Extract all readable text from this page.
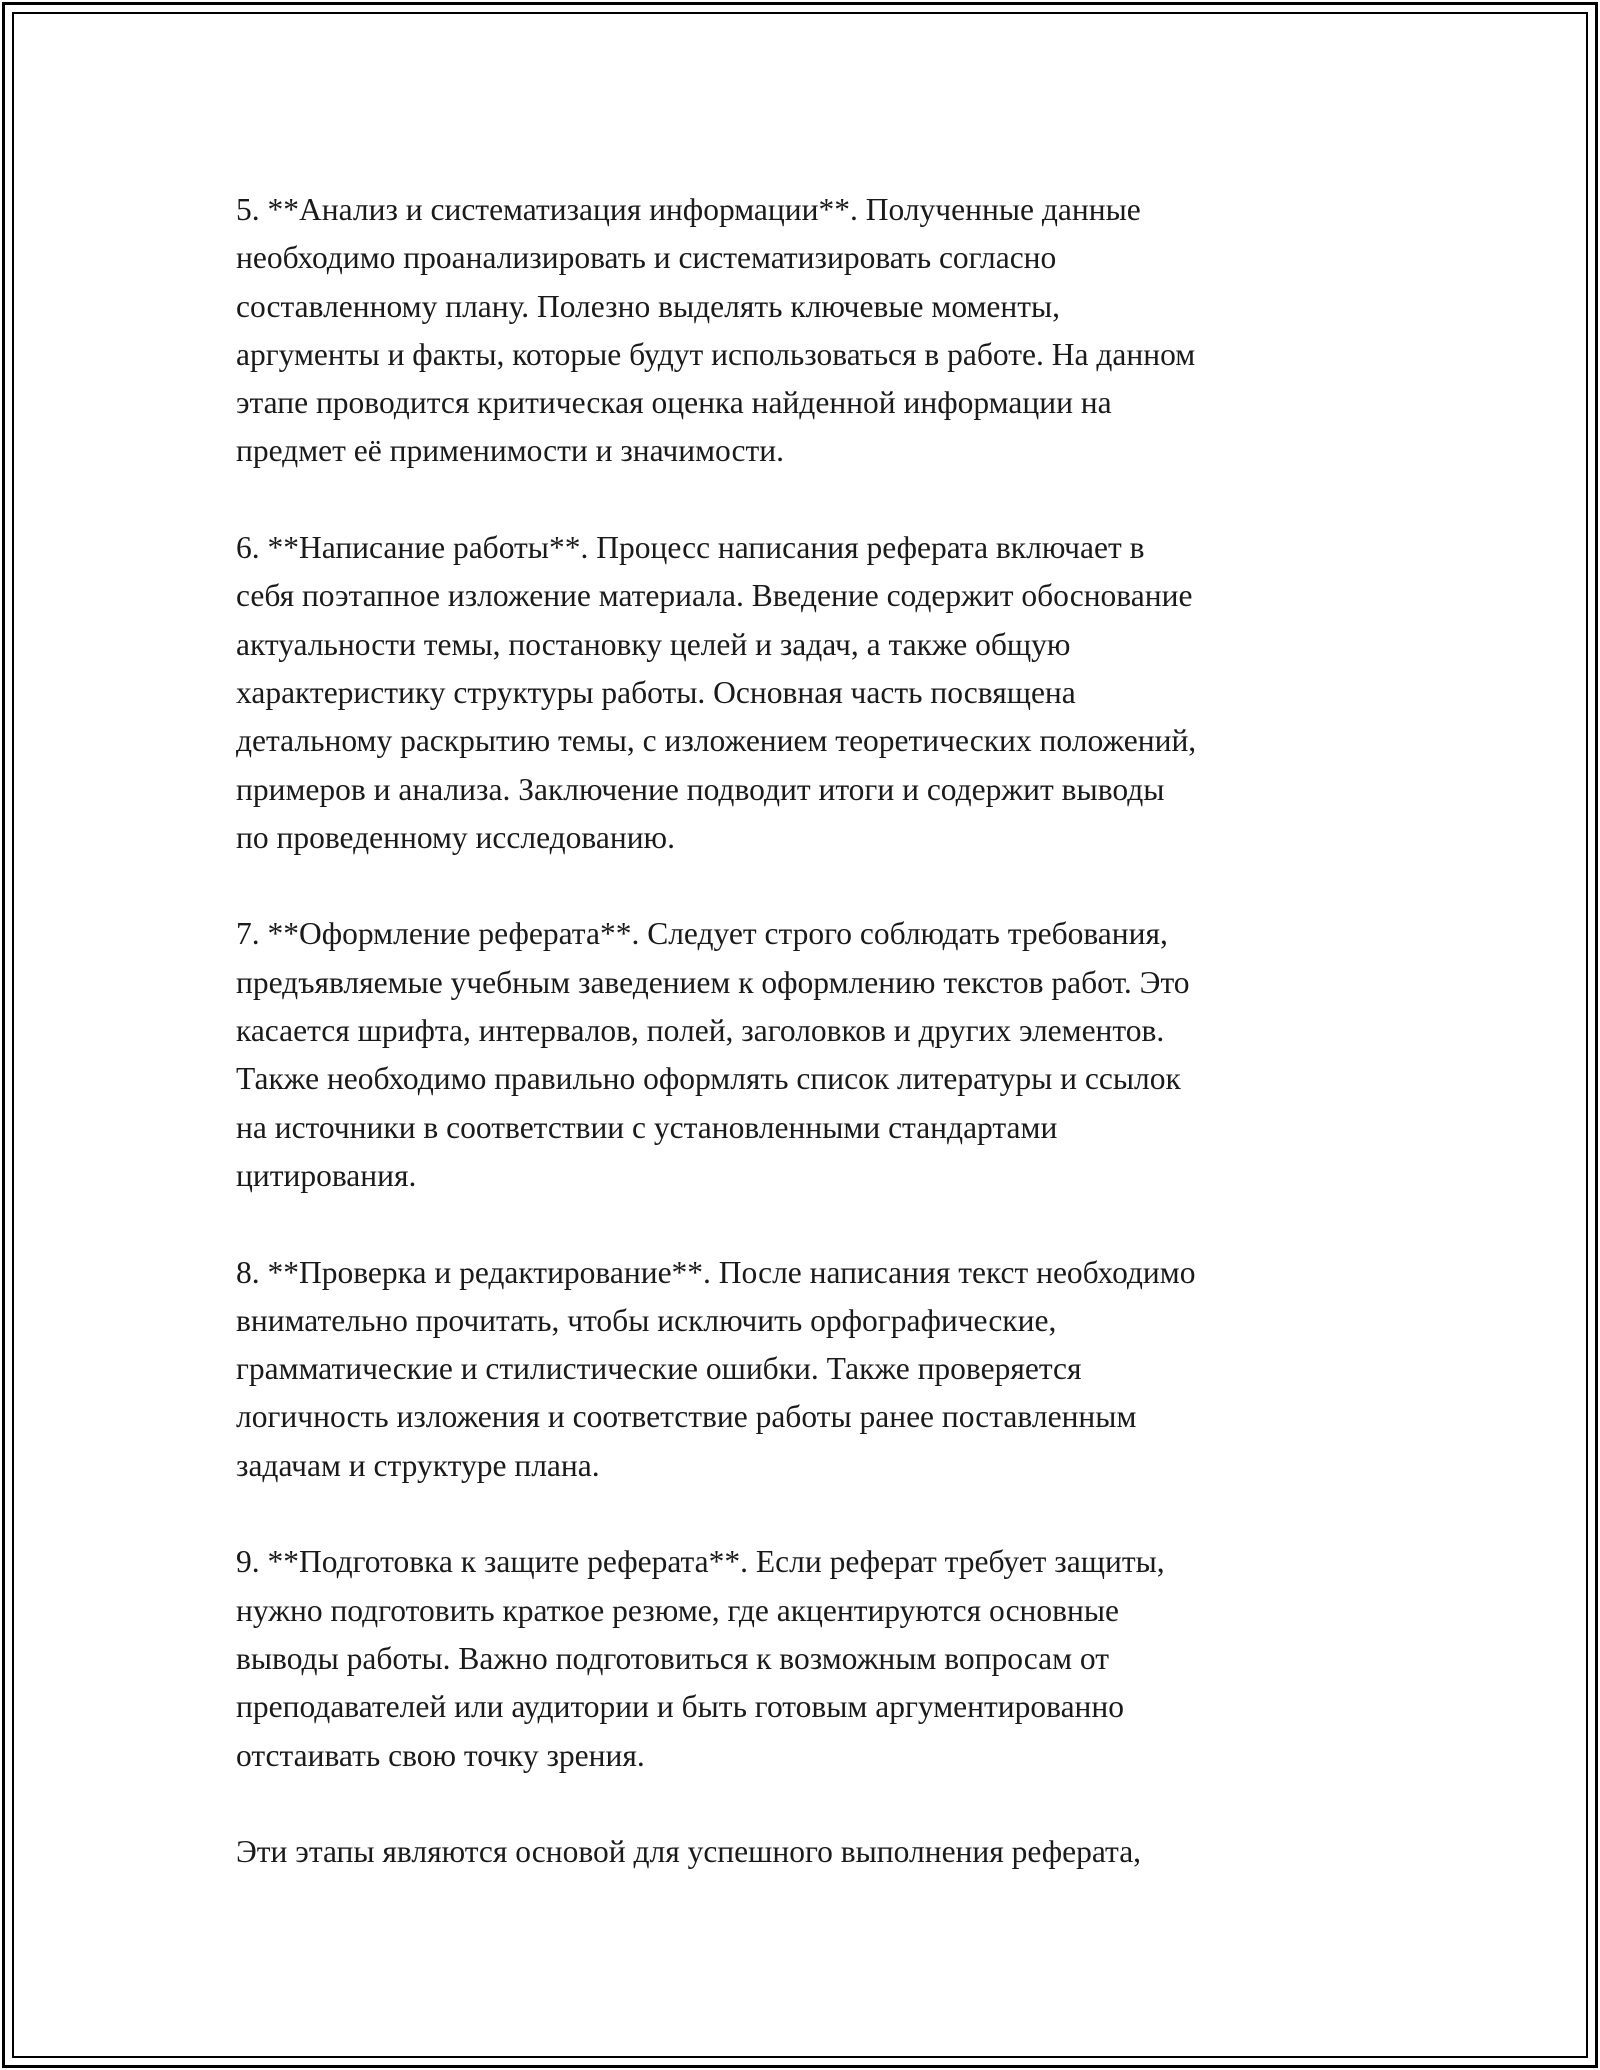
5. **Анализ и систематизация информации**. Полученные данные
необходимо проанализировать и систематизировать согласно
составленному плану. Полезно выделять ключевые моменты,
аргументы и факты, которые будут использоваться в работе. На данном
этапе проводится критическая оценка найденной информации на
предмет её применимости и значимости.

6. **Написание работы**. Процесс написания реферата включает в
себя поэтапное изложение материала. Введение содержит обоснование
актуальности темы, постановку целей и задач, а также общую
характеристику структуры работы. Основная часть посвящена
детальному раскрытию темы, с изложением теоретических положений,
примеров и анализа. Заключение подводит итоги и содержит выводы
по проведенному исследованию.

7. **Оформление реферата**. Следует строго соблюдать требования,
предъявляемые учебным заведением к оформлению текстов работ. Это
касается шрифта, интервалов, полей, заголовков и других элементов.
Также необходимо правильно оформлять список литературы и ссылок
на источники в соответствии с установленными стандартами
цитирования.

8. **Проверка и редактирование**. После написания текст необходимо
внимательно прочитать, чтобы исключить орфографические,
грамматические и стилистические ошибки. Также проверяется
логичность изложения и соответствие работы ранее поставленным
задачам и структуре плана.

9. **Подготовка к защите реферата**. Если реферат требует защиты,
нужно подготовить краткое резюме, где акцентируются основные
выводы работы. Важно подготовиться к возможным вопросам от
преподавателей или аудитории и быть готовым аргументированно
отстаивать свою точку зрения.

Эти этапы являются основой для успешного выполнения реферата,
